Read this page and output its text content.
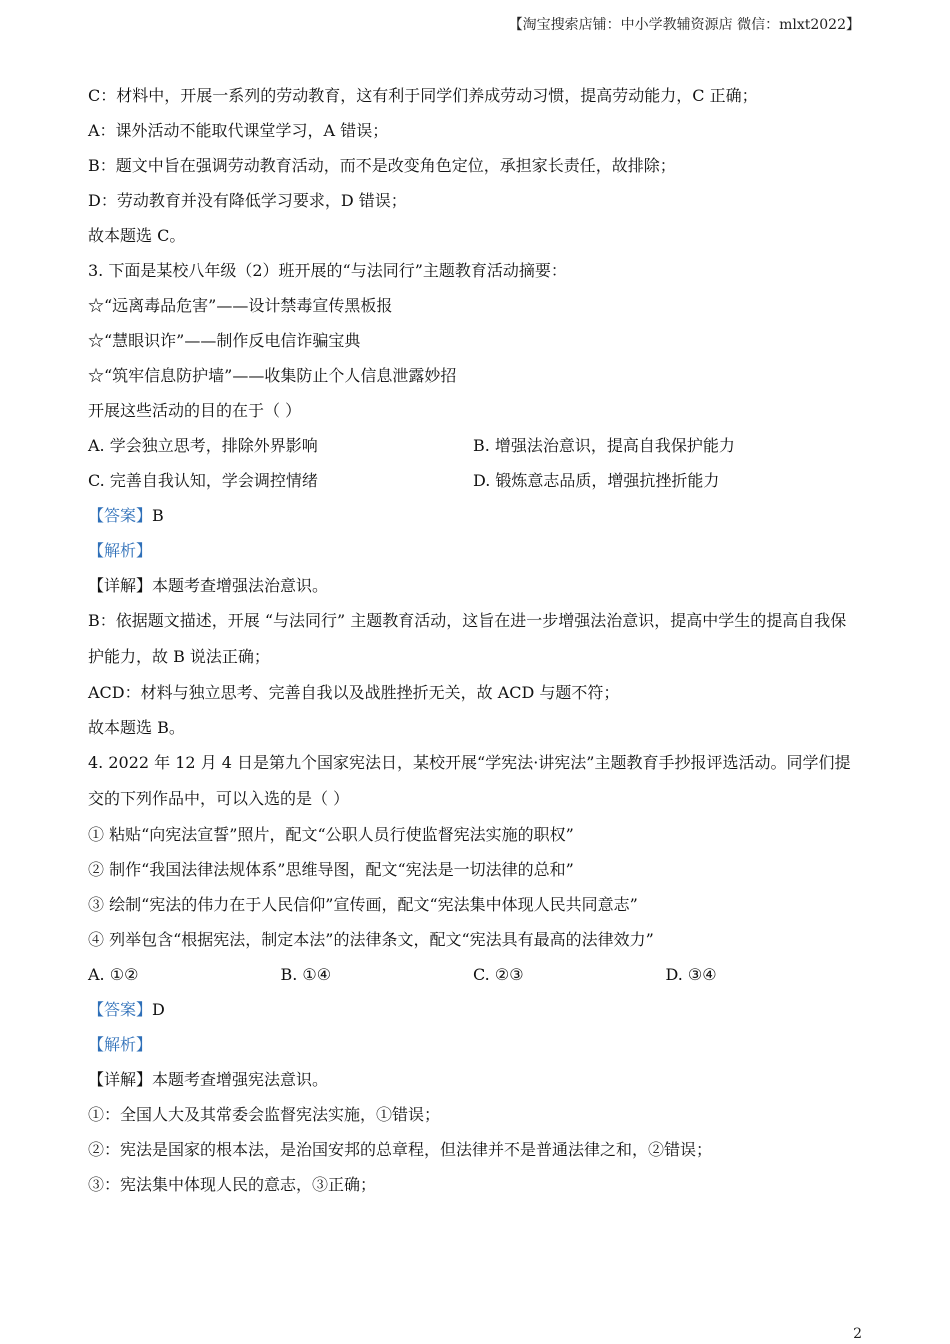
【淘宝搜索店铺：中小学教辅资源店 微信：mlxt2022】
C：材料中，开展一系列的劳动教育，这有利于同学们养成劳动习惯，提高劳动能力，C 正确；
A：课外活动不能取代课堂学习，A 错误；
B：题文中旨在强调劳动教育活动，而不是改变角色定位，承担家长责任，故排除；
D：劳动教育并没有降低学习要求，D 错误；
故本题选 C。
3. 下面是某校八年级（2）班开展的“与法同行”主题教育活动摘要：
☆“远离毒品危害”——设计禁毒宣传黑板报
☆“慧眼识诈”——制作反电信诈骗宝典
☆“筑牢信息防护墙”——收集防止个人信息泄露妙招
开展这些活动的目的在于（ ）
A. 学会独立思考，排除外界影响	B. 增强法治意识，提高自我保护能力
C. 完善自我认知，学会调控情绪	D. 锻炼意志品质，增强抗挫折能力
【答案】B
【解析】
【详解】本题考查增强法治意识。
B：依据题文描述，开展 “与法同行” 主题教育活动，这旨在进一步增强法治意识，提高中学生的提高自我保护能力，故 B 说法正确；
ACD：材料与独立思考、完善自我以及战胜挫折无关，故 ACD 与题不符；
故本题选 B。
4. 2022 年 12 月 4 日是第九个国家宪法日，某校开展“学宪法·讲宪法”主题教育手抄报评选活动。同学们提交的下列作品中，可以入选的是（ ）
① 粘贴“向宪法宣誓”照片，配文“公职人员行使监督宪法实施的职权”
② 制作“我国法律法规体系”思维导图，配文“宪法是一切法律的总和”
③ 绘制“宪法的伟力在于人民信仰”宣传画，配文“宪法集中体现人民共同意志”
④ 列举包含“根据宪法，制定本法”的法律条文，配文“宪法具有最高的法律效力”
A. ①②	B. ①④	C. ②③	D. ③④
【答案】D
【解析】
【详解】本题考查增强宪法意识。
①：全国人大及其常委会监督宪法实施，①错误；
②：宪法是国家的根本法，是治国安邦的总章程，但法律并不是普通法律之和，②错误；
③：宪法集中体现人民的意志，③正确；
2
